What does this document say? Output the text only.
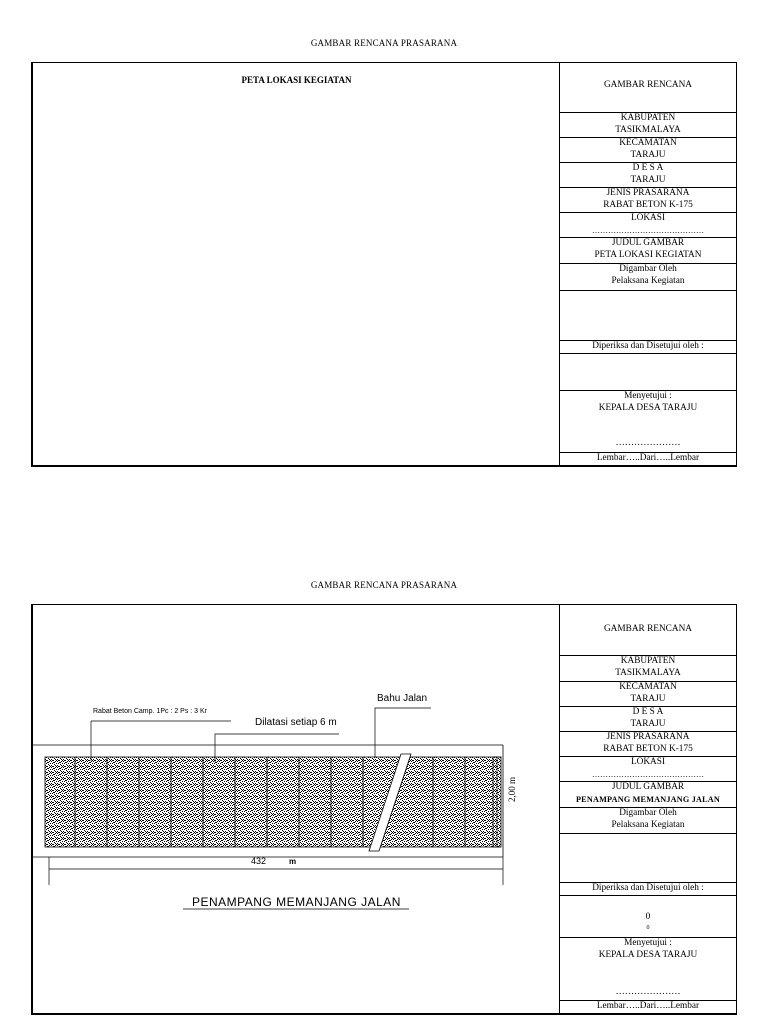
GAMBAR RENCANA PRASARANA
PETA LOKASI KEGIATAN	GAMBAR RENCANA
KABUPATEN
TASIKMALAYA
KECAMATAN
TARAJU
D E S A
TARAJU
JENIS PRASARANA
RABAT BETON K-175
LOKASI
……………………………………
JUDUL GAMBAR
PETA LOKASI KEGIATAN
Digambar Oleh
Pelaksana Kegiatan
Diperiksa dan Disetujui oleh :
Menyetujui :
KEPALA DESA TARAJU
…………………
Lembar…..Dari…..Lembar
GAMBAR RENCANA PRASARANA
Rabat Beton Camp. 1Pc : 2 Ps : 3 Kr
Dilatasi setiap 6 m
Bahu Jalan
2,00 m
432	m
PENAMPANG MEMANJANG JALAN
GAMBAR RENCANA
KABUPATEN
TASIKMALAYA
KECAMATAN
TARAJU
D E S A
TARAJU
JENIS PRASARANA
RABAT BETON K-175
LOKASI
……………………………………
JUDUL GAMBAR
PENAMPANG MEMANJANG JALAN
Digambar Oleh
Pelaksana Kegiatan
Diperiksa dan Disetujui oleh :
0
0
Menyetujui :
KEPALA DESA TARAJU
…………………
Lembar…..Dari…..Lembar
